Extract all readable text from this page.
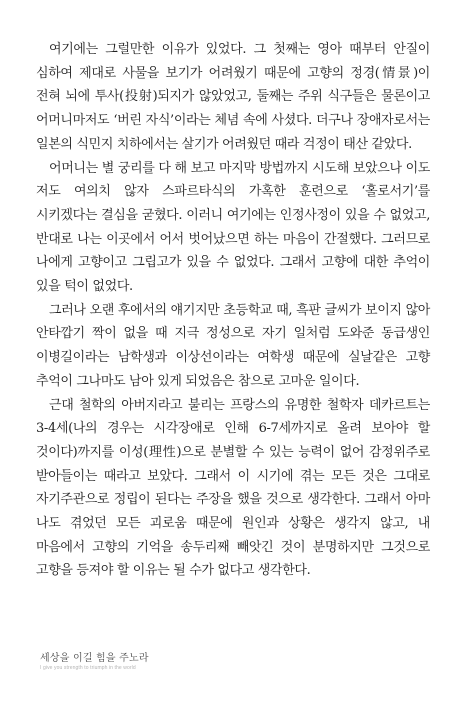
여기에는 그럴만한 이유가 있었다. 그 첫째는 영아 때부터 안질이 심하여 제대로 사물을 보기가 어려웠기 때문에 고향의 정경(情景)이 전혀 뇌에 투사(投射)되지가 않았었고, 둘째는 주위 식구들은 물론이고 어머니마저도 ‘버린 자식’이라는 체념 속에 사셨다. 더구나 장애자로서는 일본의 식민지 치하에서는 살기가 어려웠던 때라 걱정이 태산 같았다.

어머니는 별 궁리를 다 해 보고 마지막 방법까지 시도해 보았으나 이도 저도 여의치 않자 스파르타식의 가혹한 훈련으로 ‘홀로서기’를 시키겠다는 결심을 굳혔다. 이러니 여기에는 인정사정이 있을 수 없었고, 반대로 나는 이곳에서 어서 벗어났으면 하는 마음이 간절했다. 그러므로 나에게 고향이고 그립고가 있을 수 없었다. 그래서 고향에 대한 추억이 있을 턱이 없었다.

그러나 오랜 후에서의 얘기지만 초등학교 때, 흑판 글씨가 보이지 않아 안타깝기 짝이 없을 때 지극 정성으로 자기 일처럼 도와준 동급생인 이병길이라는 남학생과 이상선이라는 여학생 때문에 실날같은 고향 추억이 그나마도 남아 있게 되었음은 참으로 고마운 일이다.

근대 철학의 아버지라고 불리는 프랑스의 유명한 철학자 데카르트는 3-4세(나의 경우는 시각장애로 인해 6-7세까지로 올려 보아야 할 것이다)까지를 이성(理性)으로 분별할 수 있는 능력이 없어 감정위주로 받아들이는 때라고 보았다. 그래서 이 시기에 겪는 모든 것은 그대로 자기주관으로 정립이 된다는 주장을 했을 것으로 생각한다. 그래서 아마 나도 겪었던 모든 괴로움 때문에 원인과 상황은 생각지 않고, 내 마음에서 고향의 기억을 송두리째 빼앗긴 것이 분명하지만 그것으로 고향을 등져야 할 이유는 될 수가 없다고 생각한다.

세상을 이길 힘을 주노라
I give you strength to triumph in the world
